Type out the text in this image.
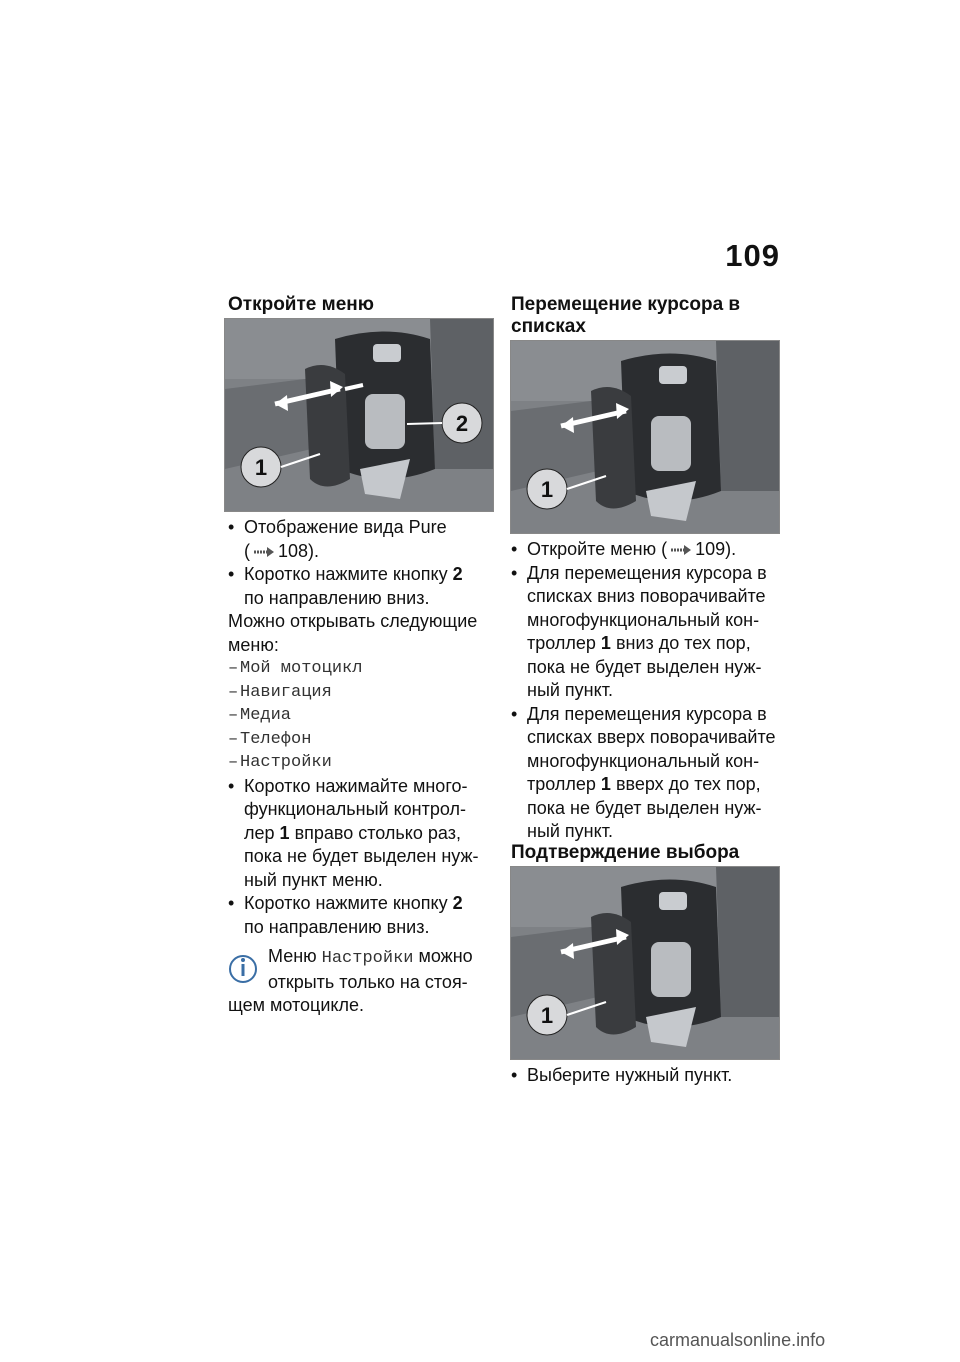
109
Откройте меню
1
2
• Отображение вида Pure
( 108).
• Коротко нажмите кнопку 2
по направлению вниз.
Можно открывать следующие
меню:
– Мой мотоцикл
– Навигация
– Медиа
– Телефон
– Настройки
• Коротко нажимайте много-
функциональный контрол-
лер 1 вправо столько раз,
пока не будет выделен нуж-
ный пункт меню.
• Коротко нажмите кнопку 2
по направлению вниз.
Меню Настройки можно
открыть только на стоя-
щем мотоцикле.
Перемещение курсора в
списках
1
• Откройте меню ( 109).
• Для перемещения курсора в
списках вниз поворачивайте
многофункциональный кон-
троллер 1 вниз до тех пор,
пока не будет выделен нуж-
ный пункт.
• Для перемещения курсора в
списках вверх поворачивайте
многофункциональный кон-
троллер 1 вверх до тех пор,
пока не будет выделен нуж-
ный пункт.
Подтверждение выбора
1
• Выберите нужный пункт.
carmanualsonline.info
